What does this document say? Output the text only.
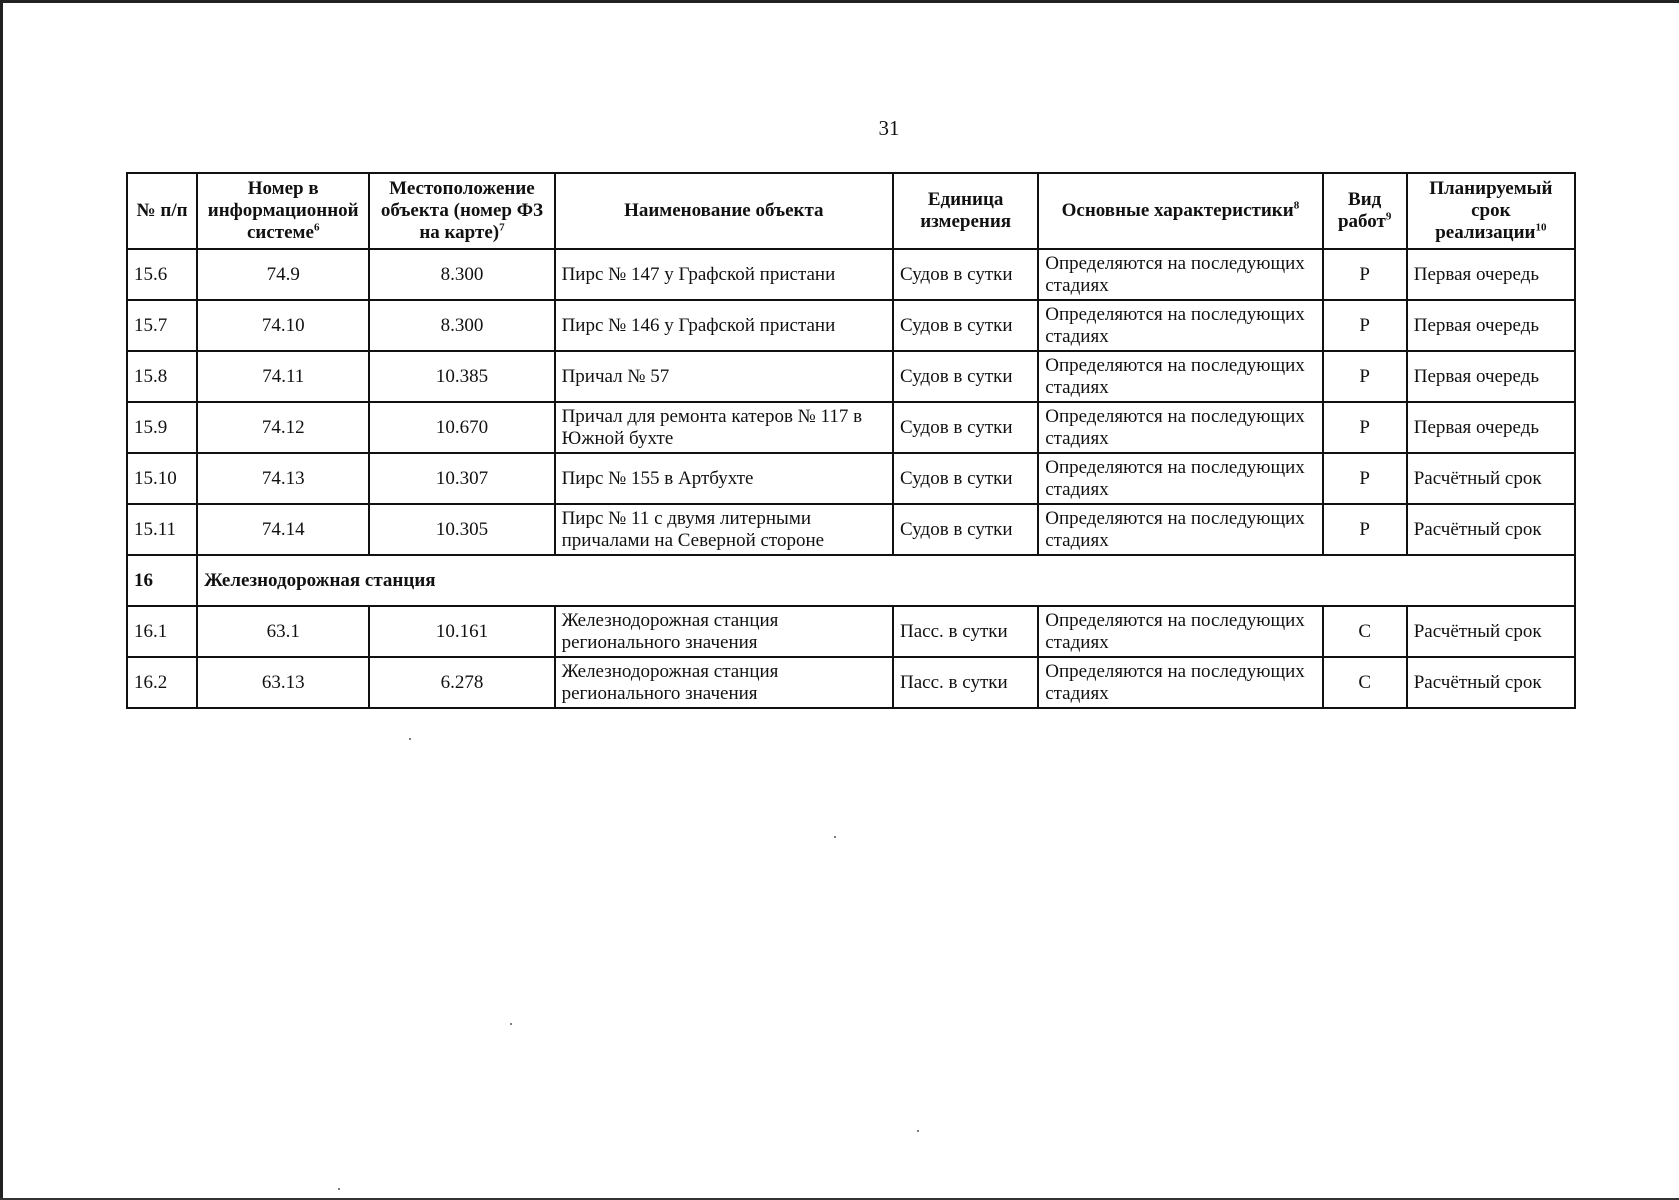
31
№ п/п	Номер в информационной системе$^6$	Местоположение объекта (номер ФЗ на карте)$^7$	Наименование объекта	Единица измерения	Основные характеристики$^8$	Вид работ$^9$	Планируемый срок реализации$^{10}$
15.6	74.9	8.300	Пирс № 147 у Графской пристани	Судов в сутки	Определяются на последующих стадиях	Р	Первая очередь
15.7	74.10	8.300	Пирс № 146 у Графской пристани	Судов в сутки	Определяются на последующих стадиях	Р	Первая очередь
15.8	74.11	10.385	Причал № 57	Судов в сутки	Определяются на последующих стадиях	Р	Первая очередь
15.9	74.12	10.670	Причал для ремонта катеров № 117 в Южной бухте	Судов в сутки	Определяются на последующих стадиях	Р	Первая очередь
15.10	74.13	10.307	Пирс № 155 в Артбухте	Судов в сутки	Определяются на последующих стадиях	Р	Расчётный срок
15.11	74.14	10.305	Пирс № 11 с двумя литерными причалами на Северной стороне	Судов в сутки	Определяются на последующих стадиях	Р	Расчётный срок
16	Железнодорожная станция						
16.1	63.1	10.161	Железнодорожная станция регионального значения	Пасс. в сутки	Определяются на последующих стадиях	С	Расчётный срок
16.2	63.13	6.278	Железнодорожная станция регионального значения	Пасс. в сутки	Определяются на последующих стадиях	С	Расчётный срок
